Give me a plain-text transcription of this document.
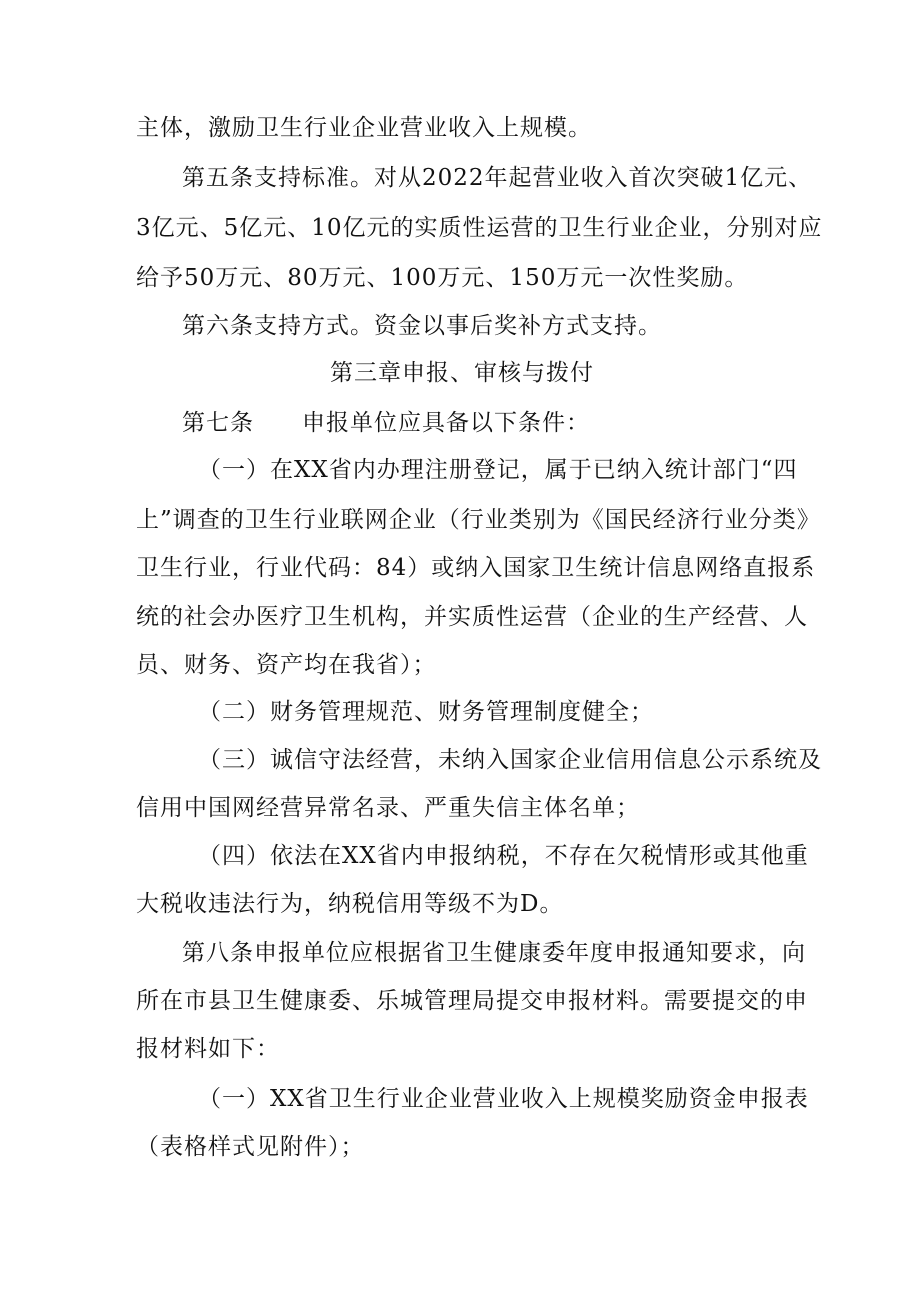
主体，激励卫生行业企业营业收入上规模。
第五条支持标准。对从2022年起营业收入首次突破1亿元、
3亿元、5亿元、10亿元的实质性运营的卫生行业企业，分别对应
给予50万元、80万元、100万元、150万元一次性奖励。
第六条支持方式。资金以事后奖补方式支持。
第三章申报、审核与拨付
第七条　　申报单位应具备以下条件：
（一）在XX省内办理注册登记，属于已纳入统计部门“四
上”调查的卫生行业联网企业（行业类别为《国民经济行业分类》
卫生行业，行业代码：84）或纳入国家卫生统计信息网络直报系
统的社会办医疗卫生机构，并实质性运营（企业的生产经营、人
员、财务、资产均在我省）；
（二）财务管理规范、财务管理制度健全；
（三）诚信守法经营，未纳入国家企业信用信息公示系统及
信用中国网经营异常名录、严重失信主体名单；
（四）依法在XX省内申报纳税，不存在欠税情形或其他重
大税收违法行为，纳税信用等级不为D。
第八条申报单位应根据省卫生健康委年度申报通知要求，向
所在市县卫生健康委、乐城管理局提交申报材料。需要提交的申
报材料如下：
（一）XX省卫生行业企业营业收入上规模奖励资金申报表
（表格样式见附件）；
